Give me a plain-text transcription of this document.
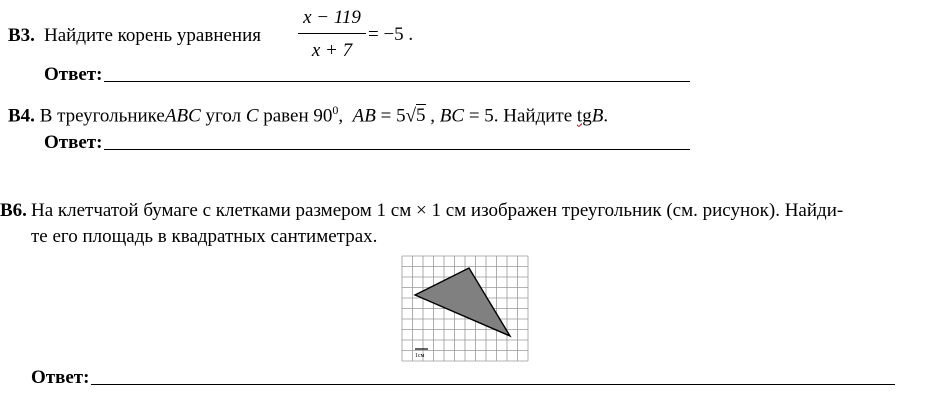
В3. Найдите корень уравнения
x − 119
x + 7
= −5 .
Ответ:
В4. В треугольникеABC угол C равен $90^0$, AB = 5√5 , BC = 5. Найдите tgB.
Ответ:
В6. На клетчатой бумаге с клетками размером 1 см × 1 см изображен треугольник (см. рисунок). Найди-
те его площадь в квадратных сантиметрах.
1см
Ответ:
